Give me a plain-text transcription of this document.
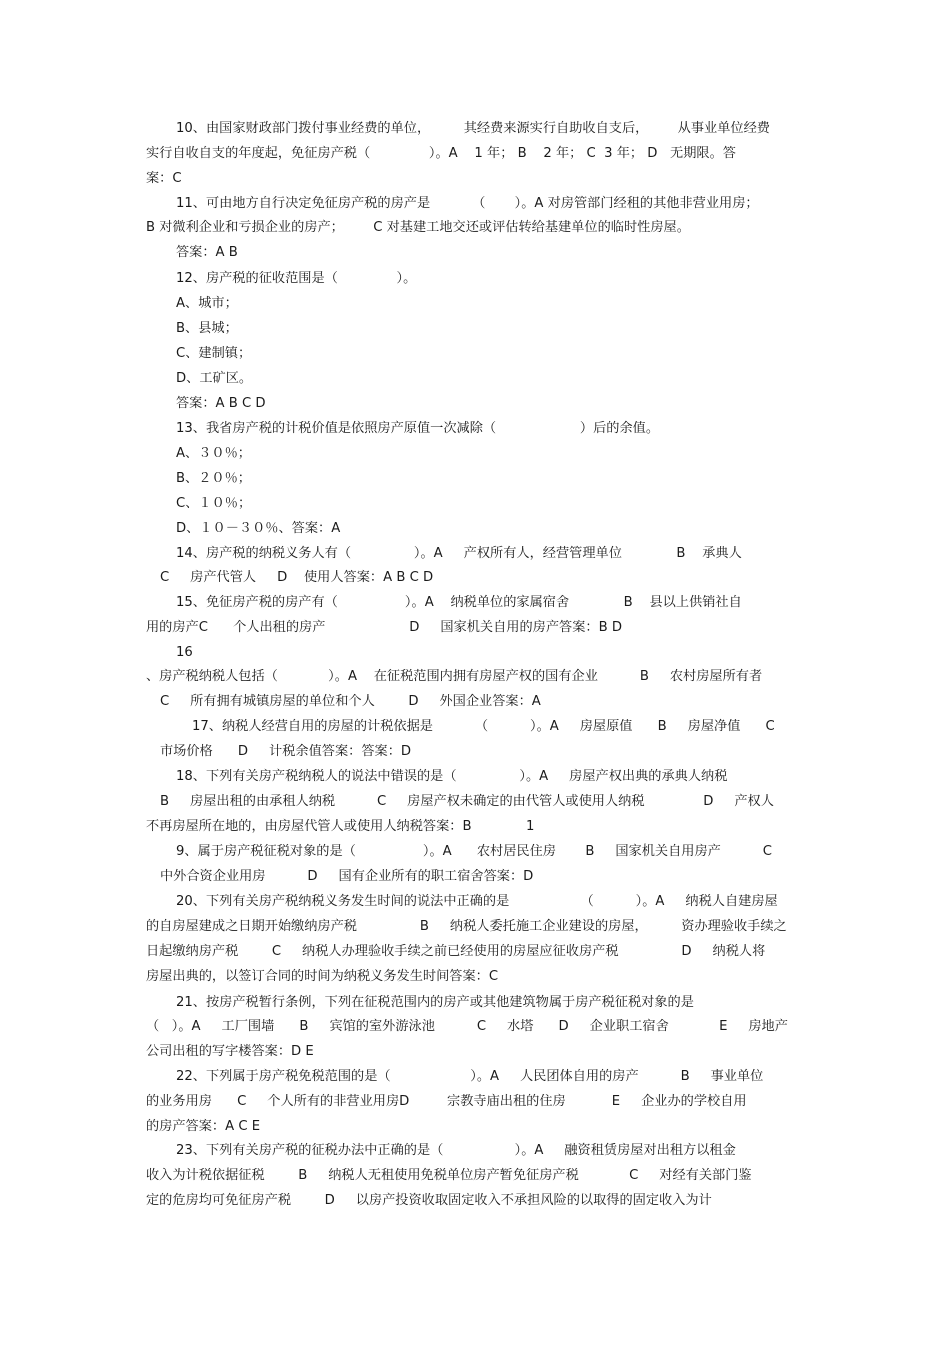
10、由国家财政部门拨付事业经费的单位，        其经费来源实行自助收自支后，       从事业单位经费
实行自收自支的年度起，免征房产税（              ）。A    1 年； B    2 年； C  3 年； D   无期限。答
案：C
11、可由地方自行决定免征房产税的房产是          （       ）。A 对房管部门经租的其他非营业用房；
B 对微利企业和亏损企业的房产；       C 对基建工地交还或评估转给基建单位的临时性房屋。
答案：A B
12、房产税的征收范围是（              ）。
A、城市；
B、县城；
C、建制镇；
D、工矿区。
答案：A B C D
13、我省房产税的计税价值是依照房产原值一次减除（                    ）后的余值。
A、３０％；
B、２０％；
C、１０％；
D、１０－３０％、答案：A
14、房产税的纳税义务人有（               ）。A     产权所有人，经营管理单位             B    承典人
C     房产代管人     D    使用人答案：A B C D
15、免征房产税的房产有（                ）。A    纳税单位的家属宿舍             B    县以上供销社自
用的房产C      个人出租的房产                    D     国家机关自用的房产答案：B D
16
、房产税纳税人包括（            ）。A    在征税范围内拥有房屋产权的国有企业          B     农村房屋所有者
C     所有拥有城镇房屋的单位和个人        D     外国企业答案：A
17、纳税人经营自用的房屋的计税依据是          （          ）。A     房屋原值      B     房屋净值      C
市场价格      D     计税余值答案：答案：D
18、下列有关房产税纳税人的说法中错误的是（               ）。A     房屋产权出典的承典人纳税
B     房屋出租的由承租人纳税          C     房屋产权未确定的由代管人或使用人纳税              D     产权人
不再房屋所在地的，由房屋代管人或使用人纳税答案：B             1
9、属于房产税征税对象的是（                ）。A      农村居民住房       B     国家机关自用房产          C
中外合资企业用房          D     国有企业所有的职工宿舍答案：D
20、下列有关房产税纳税义务发生时间的说法中正确的是                 （          ）。A     纳税人自建房屋
的自房屋建成之日期开始缴纳房产税               B     纳税人委托施工企业建设的房屋，        资办理验收手续之
日起缴纳房产税        C     纳税人办理验收手续之前已经使用的房屋应征收房产税               D     纳税人将
房屋出典的，以签订合同的时间为纳税义务发生时间答案：C
21、按房产税暂行条例，下列在征税范围内的房产或其他建筑物属于房产税征税对象的是
（   ）。A     工厂围墙      B     宾馆的室外游泳池          C     水塔      D     企业职工宿舍            E     房地产
公司出租的写字楼答案：D E
22、下列属于房产税免税范围的是（                   ）。A     人民团体自用的房产          B     事业单位
的业务用房      C     个人所有的非营业用房D         宗教寺庙出租的住房           E     企业办的学校自用
的房产答案：A C E
23、下列有关房产税的征税办法中正确的是（                 ）。A     融资租赁房屋对出租方以租金
收入为计税依据征税        B     纳税人无租使用免税单位房产暂免征房产税            C     对经有关部门鉴
定的危房均可免征房产税        D     以房产投资收取固定收入不承担风险的以取得的固定收入为计
